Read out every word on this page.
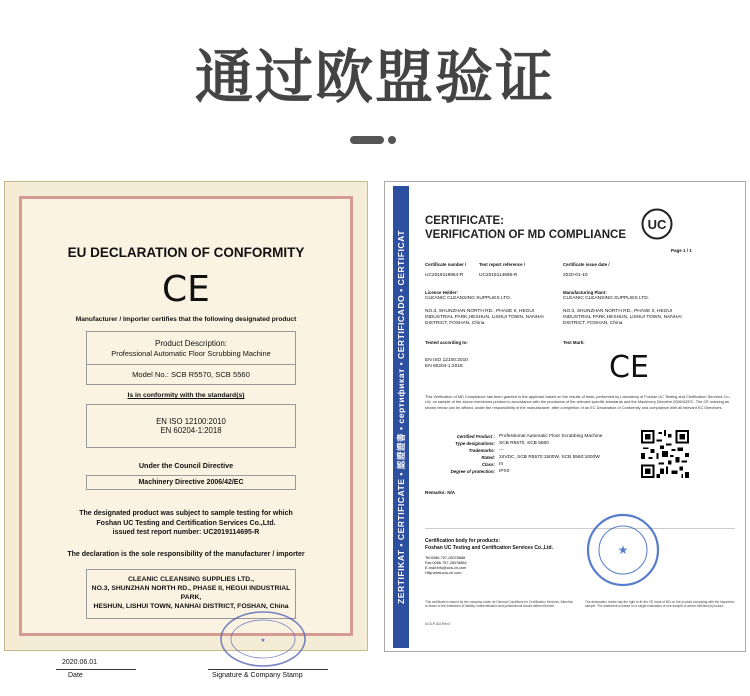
通过欧盟验证
EU DECLARATION OF CONFORMITY
CE
Manufacturer / Importer certifies that the following designated product
Product Description:
Professional Automatic Floor Scrubbing Machine
Model No.: SCB R5570, SCB 5560
Is in conformity with the standard(s)
EN ISO 12100:2010
EN 60204-1:2018
Under the Council Directive
Machinery Directive 2006/42/EC
The designated product was subject to sample testing for which
Foshan UC Testing and Certification Services Co.,Ltd.
issued test report number: UC2019114695-R
The declaration is the sole responsibility of the manufacturer / importer
CLEANIC CLEANSING SUPPLIES LTD.,
NO.3, SHUNZHAN NORTH RD., PHASE II, HEGUI INDUSTRIAL PARK,
HESHUN, LISHUI TOWN, NANHAI DISTRICT, FOSHAN, China
★
2020.06.01
Date	Signature & Company Stamp
ZERTIFIKAT • CERTIFICATE • 認證證書 • сертификат • CERTIFICADO • CERTIFICAT
CERTIFICATE:
VERIFICATION OF MD COMPLIANCE
UC
Page 1 / 1
Certificate number /	Test report reference /	Certificate issue date /
UC2019118954-R	UC2019114695-R	2020-01-10
Licence Holder:
CLEANIC CLEANSING SUPPLIES LTD.
NO.3, SHUNZHAN NORTH RD., PHASE II, HEGUI
INDUSTRIAL PARK,HESHUN, LISHUI TOWN, NANHAI
DISTRICT, FOSHAN, China
Manufacturing Plant:
CLEANIC CLEANSING SUPPLIES LTD.
NO.3, SHUNZHAN NORTH RD., PHASE II, HEGUI
INDUSTRIAL PARK,HESHUN, LISHUI TOWN, NANHAI
DISTRICT, FOSHAN, China
Tested according to:
EN ISO 12100:2010
EN 60204-1:2018
Test Mark:
CE
This Verification of MD Compliance has been granted to the applicant based on the results of tests, performed by Laboratory of Foshan UC Testing and Certification Services Co., Ltd. on sample of the above mentioned product in accordance with the provisions of the relevant specific standards and the Machinery Directive 2006/42/EC. The CE marking as shown below can be affixed, under the responsibility of the manufacturer, after completion of an EC Declaration of Conformity and compliance with all relevant EC Directives.
Certified Product : Professional Automatic Floor Scrubbing Machine
Type designations: SCB R5570, SCB 5560
Trademarks: ---
Rated: 24VDC, SCB R5570:1500W, SCB 5560:1000W
Class: III
Degree of protection: IPX0
Remarks: N/A
Certification body for products:
Foshan UC Testing and Certification Services Co.,Ltd.
Tel:0086-757-28078888
Fax:0086-757-28078884
E-mail:info@ucs-cn.com
Http:www.ucs-cn.com
★
This certificate is issued by the company under its General Conditions for Certification Services. Attention is drawn to the limitations of liability, indemnification and jurisdictional issues defined therein.
The declaration holder has the right to fix the CE mark of MD on the product complying with the inspection sample. The statement is based on a single evaluation of one sample of above mentioned product.
UCS-P-022 Rev.0
